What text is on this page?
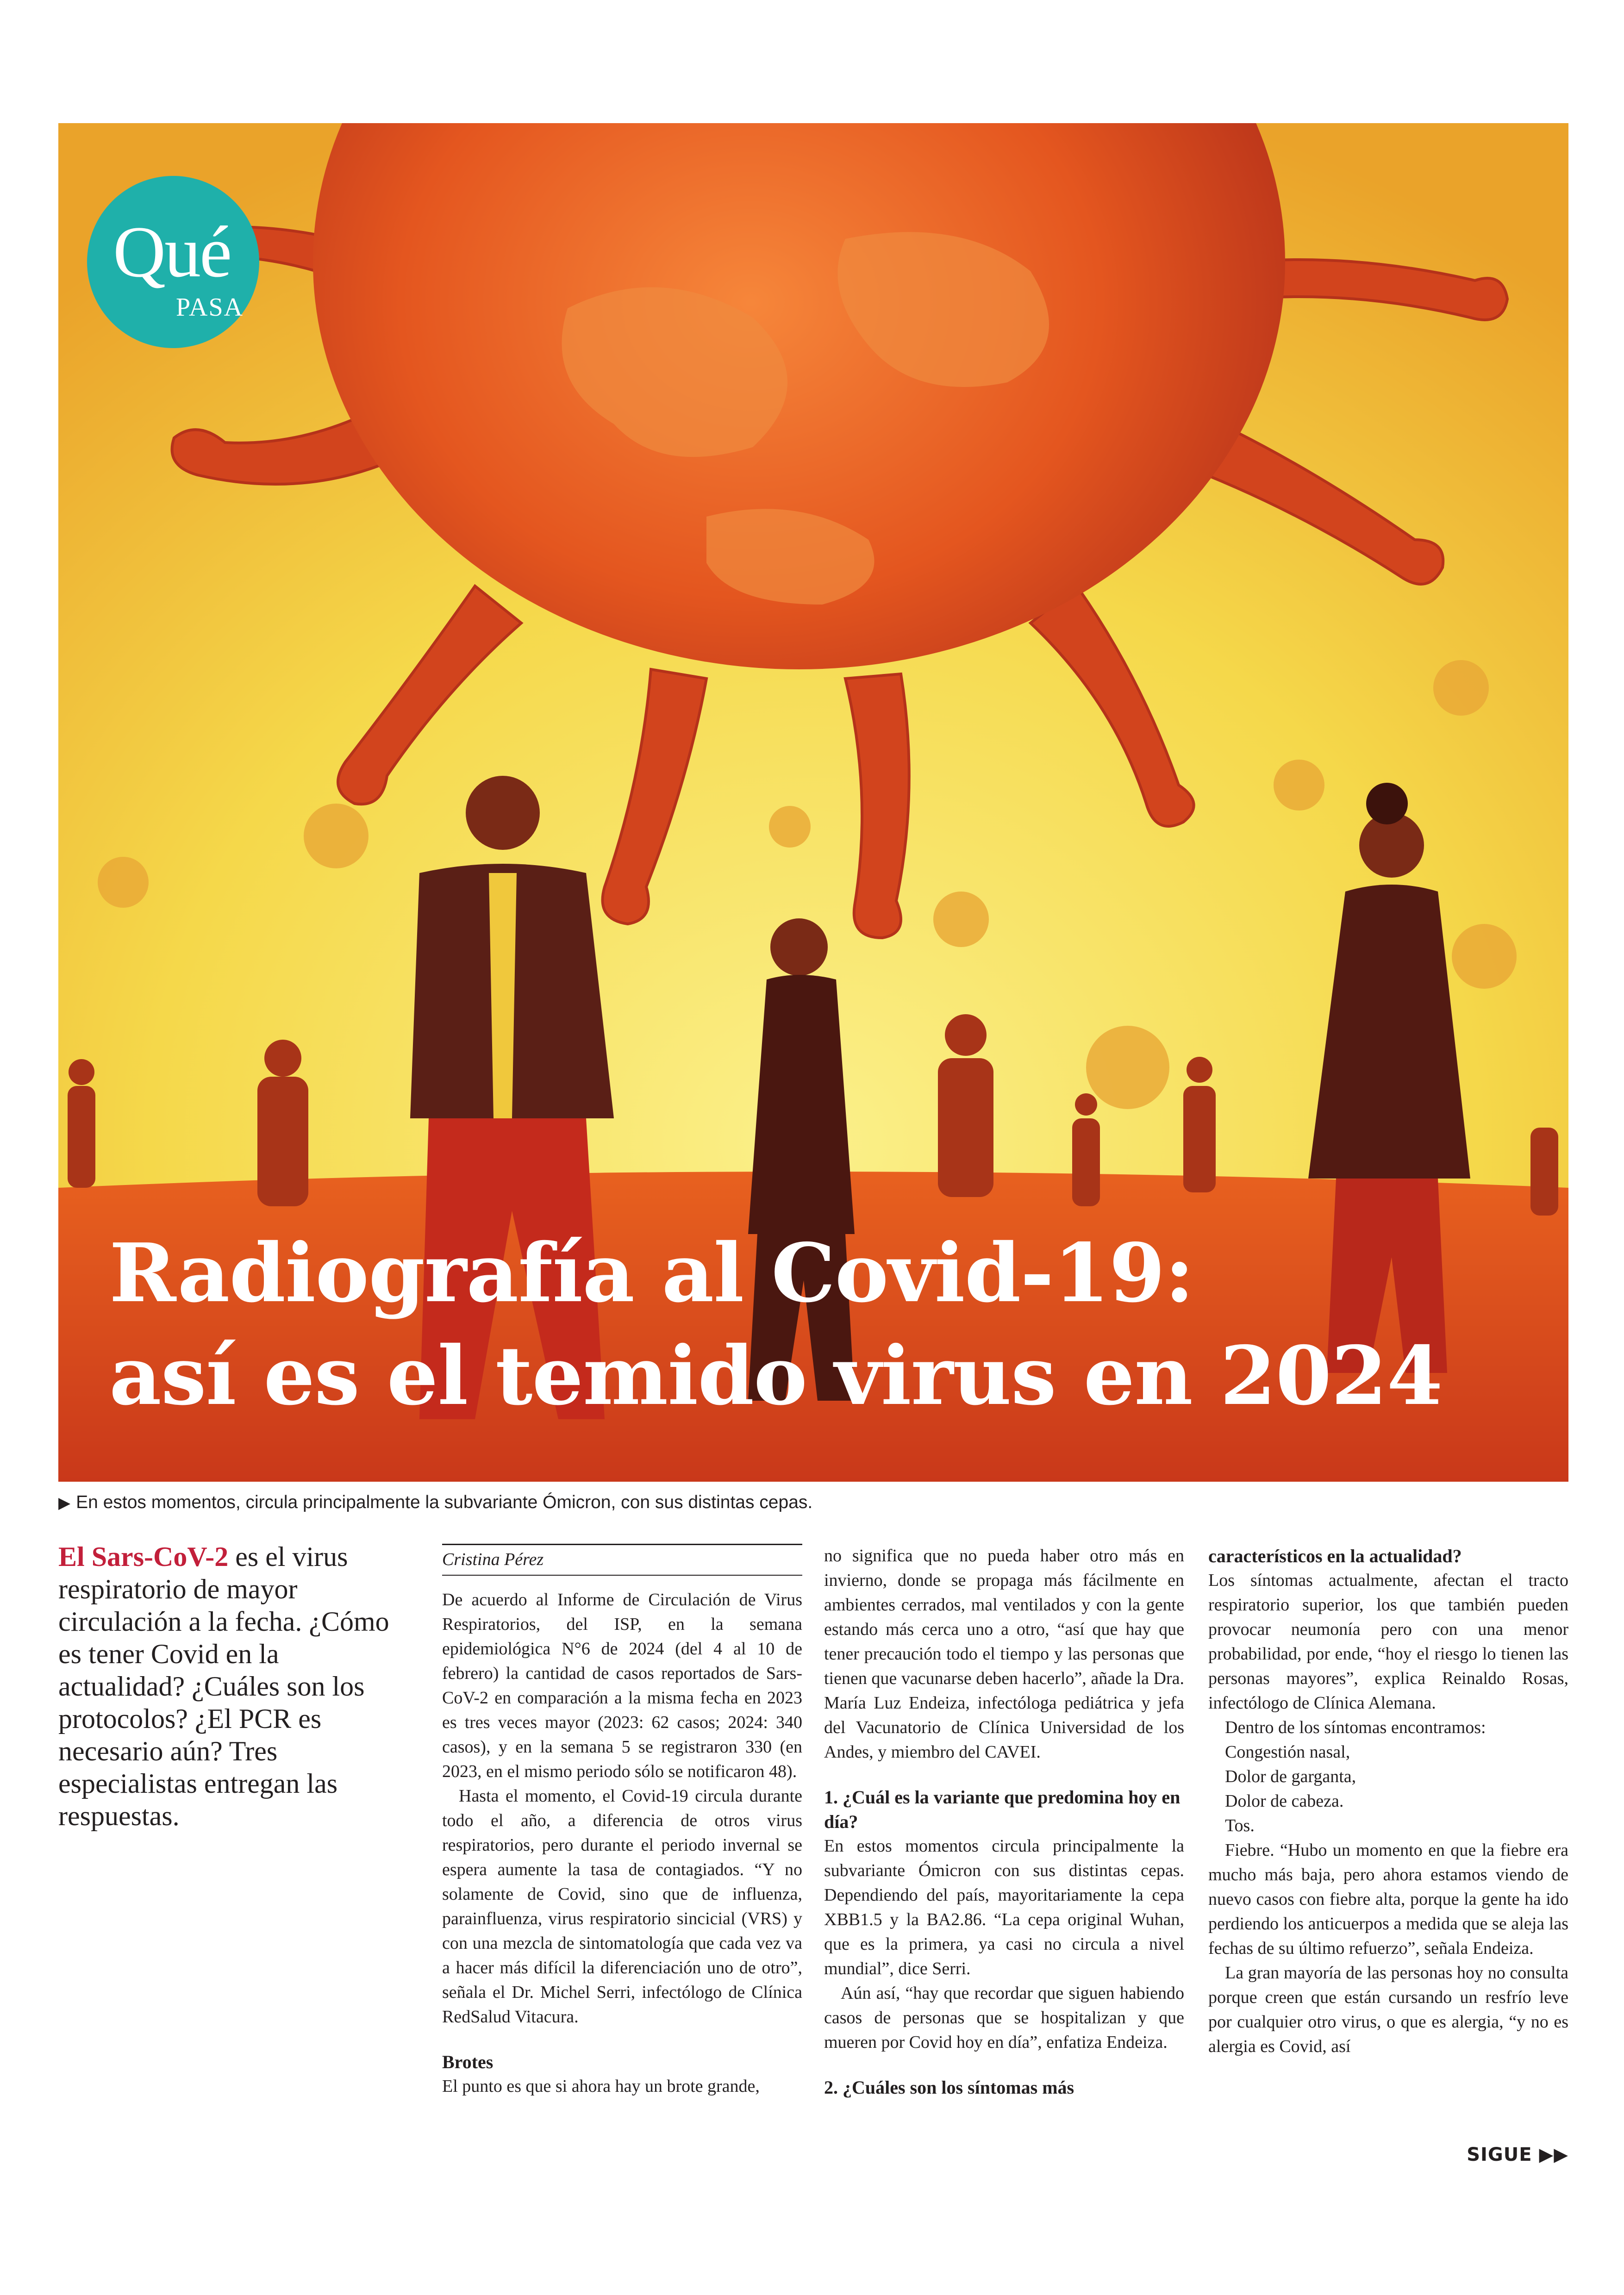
Qué
PASA
Radiografía al Covid-19:
así es el temido virus en 2024
▶ En estos momentos, circula principalmente la subvariante Ómicron, con sus distintas cepas.
El Sars-CoV-2 es el virus respiratorio de mayor circulación a la fecha. ¿Cómo es tener Covid en la actualidad? ¿Cuáles son los protocolos? ¿El PCR es necesario aún? Tres especialistas entregan las respuestas.
Cristina Pérez

De acuerdo al Informe de Circulación de Virus Respiratorios, del ISP, en la semana epidemiológica N°6 de 2024 (del 4 al 10 de febrero) la cantidad de casos reportados de Sars-CoV-2 en comparación a la misma fecha en 2023 es tres veces mayor (2023: 62 casos; 2024: 340 casos), y en la semana 5 se registraron 330 (en 2023, en el mismo periodo sólo se notificaron 48).

Hasta el momento, el Covid-19 circula durante todo el año, a diferencia de otros virus respiratorios, pero durante el periodo invernal se espera aumente la tasa de contagiados. “Y no solamente de Covid, sino que de influenza, parainfluenza, virus respiratorio sincicial (VRS) y con una mezcla de sintomatología que cada vez va a hacer más difícil la diferenciación uno de otro”, señala el Dr. Michel Serri, infectólogo de Clínica RedSalud Vitacura.

Brotes

El punto es que si ahora hay un brote grande,

no significa que no pueda haber otro más en invierno, donde se propaga más fácilmente en ambientes cerrados, mal ventilados y con la gente estando más cerca uno a otro, “así que hay que tener precaución todo el tiempo y las personas que tienen que vacunarse deben hacerlo”, añade la Dra. María Luz Endeiza, infectóloga pediátrica y jefa del Vacunatorio de Clínica Universidad de los Andes, y miembro del CAVEI.

1. ¿Cuál es la variante que predomina hoy en día?

En estos momentos circula principalmente la subvariante Ómicron con sus distintas cepas. Dependiendo del país, mayoritariamente la cepa XBB1.5 y la BA2.86. “La cepa original Wuhan, que es la primera, ya casi no circula a nivel mundial”, dice Serri.

Aún así, “hay que recordar que siguen habiendo casos de personas que se hospitalizan y que mueren por Covid hoy en día”, enfatiza Endeiza.

2. ¿Cuáles son los síntomas más
característicos en la actualidad?

Los síntomas actualmente, afectan el tracto respiratorio superior, los que también pueden provocar neumonía pero con una menor probabilidad, por ende, “hoy el riesgo lo tienen las personas mayores”, explica Reinaldo Rosas, infectólogo de Clínica Alemana.

Dentro de los síntomas encontramos:

Congestión nasal,

Dolor de garganta,

Dolor de cabeza.

Tos.

Fiebre. “Hubo un momento en que la fiebre era mucho más baja, pero ahora estamos viendo de nuevo casos con fiebre alta, porque la gente ha ido perdiendo los anticuerpos a medida que se aleja las fechas de su último refuerzo”, señala Endeiza.

La gran mayoría de las personas hoy no consulta porque creen que están cursando un resfrío leve por cualquier otro virus, o que es alergia, “y no es alergia es Covid, así

SIGUE ▶▶
